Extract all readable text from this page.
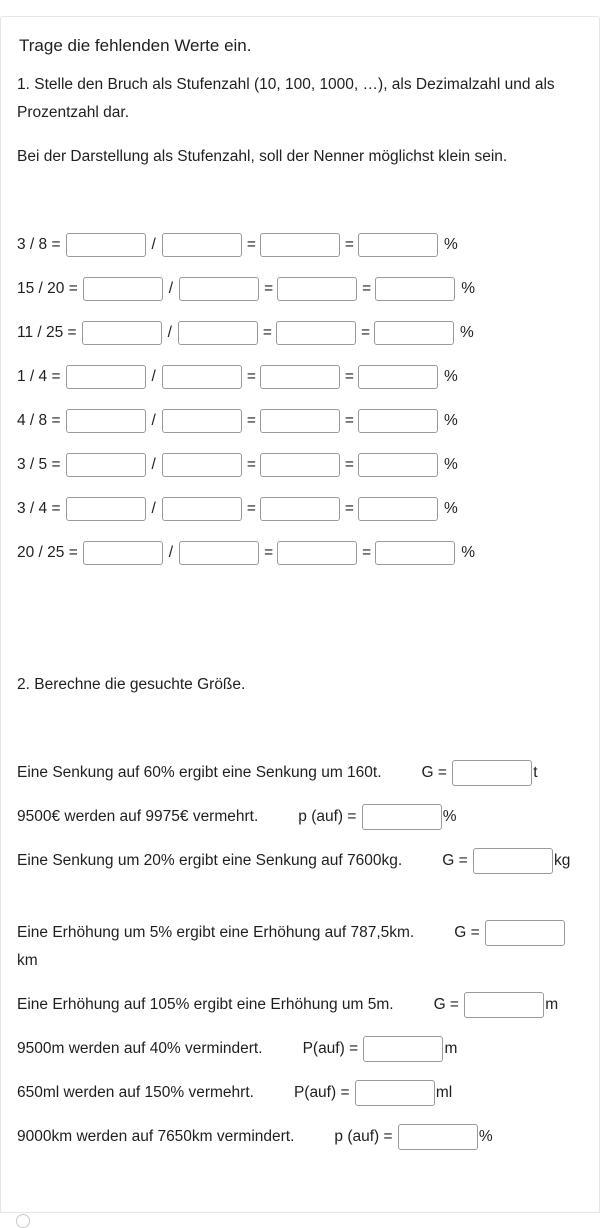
Trage die fehlenden Werte ein.
1. Stelle den Bruch als Stufenzahl (10, 100, 1000, …), als Dezimalzahl und als Prozentzahl dar.
Bei der Darstellung als Stufenzahl, soll der Nenner möglichst klein sein.
3 / 8 =	/	=	=	%
15 / 20 =	/	=	=	%
11 / 25 =	/	=	=	%
1 / 4 =	/	=	=	%
4 / 8 =	/	=	=	%
3 / 5 =	/	=	=	%
3 / 4 =	/	=	=	%
20 / 25 =	/	=	=	%
2. Berechne die gesuchte Größe.
Eine Senkung auf 60% ergibt eine Senkung um 160t.	G =	t
9500€ werden auf 9975€ vermehrt.	p (auf) =	%
Eine Senkung um 20% ergibt eine Senkung auf 7600kg.	G =	kg
Eine Erhöhung um 5% ergibt eine Erhöhung auf 787,5km.	G = km
Eine Erhöhung auf 105% ergibt eine Erhöhung um 5m.	G =	m
9500m werden auf 40% vermindert.	P(auf) =	m
650ml werden auf 150% vermehrt.	P(auf) =	ml
9000km werden auf 7650km vermindert.	p (auf) =	%
